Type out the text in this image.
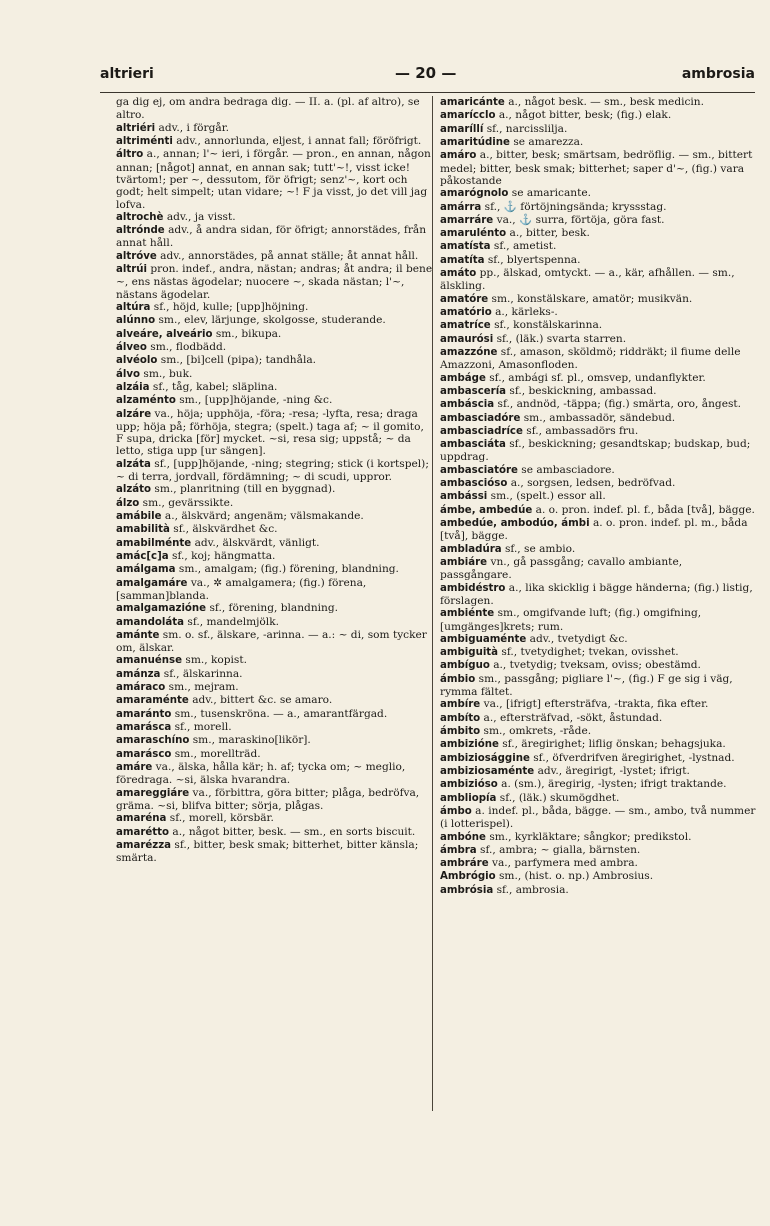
altrieri	— 20 —	ambrosia
ga dig ej, om andra bedraga dig. — II. a. (pl. af altro), se altro.
altriéri adv., i förgår.
altriménti adv., annorlunda, eljest, i annat fall; föröfrigt.
áltro a., annan; l'~ ieri, i förgår. — pron., en annan, någon annan; [något] annat, en annan sak; tutt'~!, visst icke! tvärtom!; per ~, dessutom, för öfrigt; senz'~, kort och godt; helt simpelt; utan vidare; ~! F ja visst, jo det vill jag lofva.
altrochè adv., ja visst.
altrónde adv., å andra sidan, för öfrigt; annorstädes, från annat håll.
altróve adv., annorstädes, på annat ställe; åt annat håll.
altrúi pron. indef., andra, nästan; andras; åt andra; il bene ~, ens nästas ägodelar; nuocere ~, skada nästan; l'~, nästans ägodelar.
altúra sf., höjd, kulle; [upp]höjning.
alúnno sm., elev, lärjunge, skolgosse, studerande.
alveáre, alveário sm., bikupa.
álveo sm., flodbädd.
alvéolo sm., [bi]cell (pipa); tandhåla.
álvo sm., buk.
alzáia sf., tåg, kabel; släplina.
alzaménto sm., [upp]höjande, -ning &c.
alzáre va., höja; upphöja, -föra; -resa; -lyfta, resa; draga upp; höja på; förhöja, stegra; (spelt.) taga af; ~ il gomito, F supa, dricka [för] mycket. ~si, resa sig; uppstå; ~ da letto, stiga upp [ur sängen].
alzáta sf., [upp]höjande, -ning; stegring; stick (i kortspel); ~ di terra, jordvall, fördämning; ~ di scudi, uppror.
alzáto sm., planritning (till en byggnad).
álzo sm., gevärssikte.
amábile a., älskvärd; angenäm; välsmakande.
amabilità sf., älskvärdhet &c.
amabilménte adv., älskvärdt, vänligt.
amác[c]a sf., koj; hängmatta.
amálgama sm., amalgam; (fig.) förening, blandning.
amalgamáre va., ✲ amalgamera; (fig.) förena, [samman]blanda.
amalgamazióne sf., förening, blandning.
amandoláta sf., mandelmjölk.
amánte sm. o. sf., älskare, -arinna. — a.: ~ di, som tycker om, älskar.
amanuénse sm., kopist.
amánza sf., älskarinna.
amáraco sm., mejram.
amaraménte adv., bittert &c. se amaro.
amaránto sm., tusenskröna. — a., amarantfärgad.
amarásca sf., morell.
amaraschíno sm., maraskino[likör].
amarásco sm., morellträd.
amáre va., älska, hålla kär; h. af; tycka om; ~ meglio, föredraga. ~si, älska hvarandra.
amareggiáre va., förbittra, göra bitter; plåga, bedröfva, gräma. ~si, blifva bitter; sörja, plågas.
amaréna sf., morell, körsbär.
amarétto a., något bitter, besk. — sm., en sorts biscuit.
amarézza sf., bitter, besk smak; bitterhet, bitter känsla; smärta.
amaricánte a., något besk. — sm., besk medicin.
amarícclo a., något bitter, besk; (fig.) elak.
amaríllí sf., narcisslilja.
amaritúdine se amarezza.
amáro a., bitter, besk; smärtsam, bedröflig. — sm., bittert medel; bitter, besk smak; bitterhet; saper d'~, (fig.) vara påkostande
amarógnolo se amaricante.
amárra sf., ⚓ förtöjningsända; kryssstag.
amarráre va., ⚓ surra, förtöja, göra fast.
amarulénto a., bitter, besk.
amatísta sf., ametist.
amatíta sf., blyertspenna.
amáto pp., älskad, omtyckt. — a., kär, afhållen. — sm., älskling.
amatóre sm., konstälskare, amatör; musikvän.
amatório a., kärleks-.
amatríce sf., konstälskarinna.
amaurósi sf., (läk.) svarta starren.
amazzóne sf., amason, sköldmö; riddräkt; il fiume delle Amazzoni, Amasonfloden.
ambáge sf., ambági sf. pl., omsvep, undanflykter.
ambascería sf., beskickning, ambassad.
ambáscia sf., andnöd, -täppa; (fig.) smärta, oro, ångest.
ambasciadóre sm., ambassadör, sändebud.
ambasciadríce sf., ambassadörs fru.
ambasciáta sf., beskickning; gesandtskap; budskap, bud; uppdrag.
ambasciatóre se ambasciadore.
ambascióso a., sorgsen, ledsen, bedröfvad.
ambássi sm., (spelt.) essor all.
ámbe, ambedúe a. o. pron. indef. pl. f., båda [två], bägge.
ambedúe, ambodúo, ámbi a. o. pron. indef. pl. m., båda [två], bägge.
ambladúra sf., se ambio.
ambiáre vn., gå passgång; cavallo ambiante, passgångare.
ambidéstro a., lika skicklig i bägge händerna; (fig.) listig, förslagen.
ambiénte sm., omgifvande luft; (fig.) omgifning, [umgänges]krets; rum.
ambiguaménte adv., tvetydigt &c.
ambiguità sf., tvetydighet; tvekan, ovisshet.
ambíguo a., tvetydig; tveksam, oviss; obestämd.
ámbio sm., passgång; pigliare l'~, (fig.) F ge sig i väg, rymma fältet.
ambíre va., [ifrigt] eftersträfva, -trakta, fika efter.
ambíto a., eftersträfvad, -sökt, åstundad.
ámbito sm., omkrets, -råde.
ambizióne sf., äregirighet; liflig önskan; behagsjuka.
ambiziosággine sf., öfverdrifven äregirighet, -lystnad.
ambiziosaménte adv., äregirigt, -lystet; ifrigt.
ambizióso a. (sm.), äregirig, -lysten; ifrigt traktande.
ambliopía sf., (läk.) skumögdhet.
ámbo a. indef. pl., båda, bägge. — sm., ambo, två nummer (i lotterispel).
ambóne sm., kyrkläktare; sångkor; predikstol.
ámbra sf., ambra; ~ gialla, bärnsten.
ambráre va., parfymera med ambra.
Ambrógio sm., (hist. o. np.) Ambrosius.
ambrósia sf., ambrosia.
